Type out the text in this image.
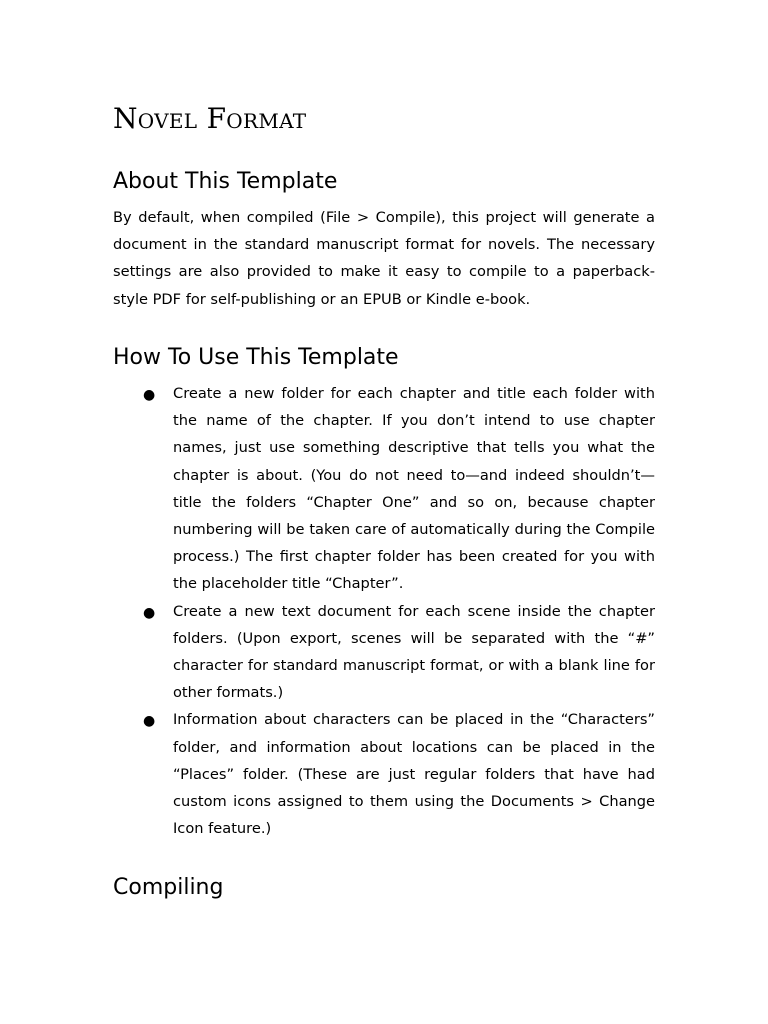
Novel Format
About This Template

By default, when compiled (File > Compile), this project will generate a document in the standard manuscript format for novels. The necessary settings are also provided to make it easy to compile to a paperback-style PDF for self-publishing or an EPUB or Kindle e-book.

How To Use This Template
● Create a new folder for each chapter and title each folder with the name of the chapter. If you don’t intend to use chapter names, just use something descriptive that tells you what the chapter is about. (You do not need to—and indeed shouldn’t—title the folders “Chapter One” and so on, because chapter numbering will be taken care of automatically during the Compile process.) The first chapter folder has been created for you with the placeholder title “Chapter”.
● Create a new text document for each scene inside the chapter folders. (Upon export, scenes will be separated with the “#” character for standard manuscript format, or with a blank line for other formats.)
● Information about characters can be placed in the “Characters” folder, and information about locations can be placed in the “Places” folder. (These are just regular folders that have had custom icons assigned to them using the Documents > Change Icon feature.)
Compiling
